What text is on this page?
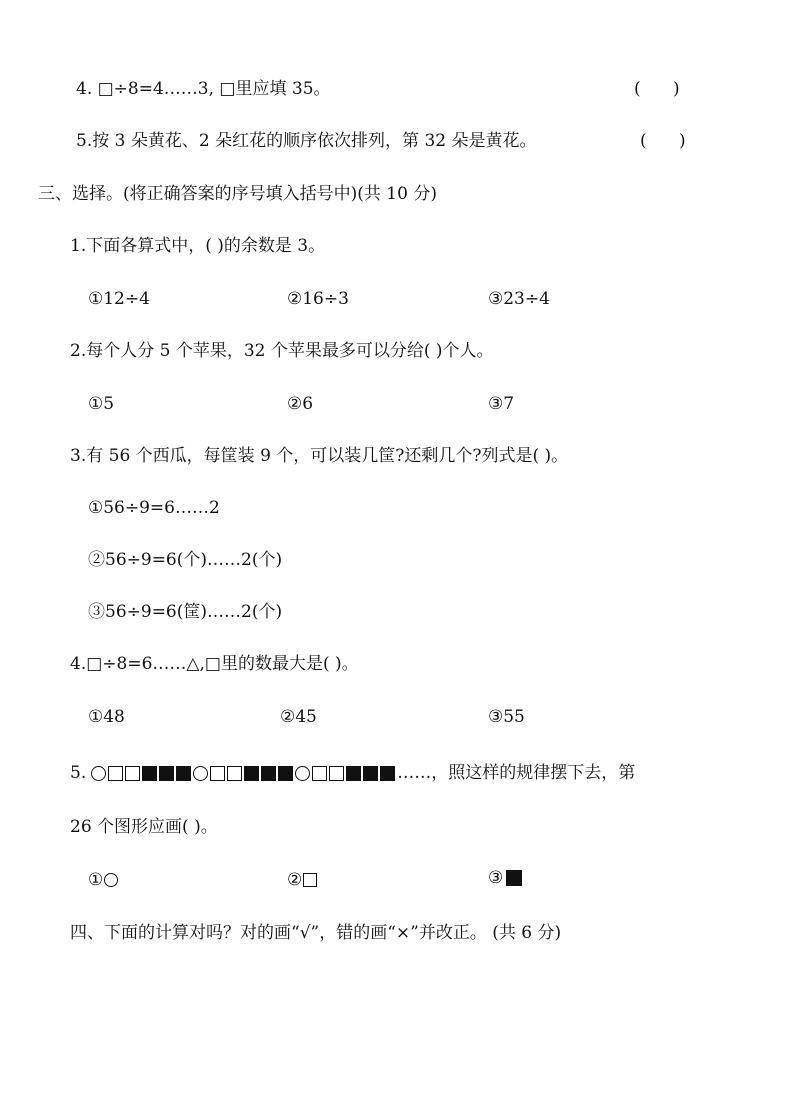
4. □÷8=4……3, □里应填 35。	(      )
5.按 3 朵黄花、2 朵红花的顺序依次排列，第 32 朵是黄花。	(      )
三、选择。(将正确答案的序号填入括号中)(共 10 分)
1.下面各算式中，( )的余数是 3。
①12÷4	②16÷3	③23÷4
2.每个人分 5 个苹果，32 个苹果最多可以分给( )个人。
①5	②6	③7
3.有 56 个西瓜，每筐装 9 个，可以装几筐?还剩几个?列式是( )。
①56÷9=6……2
②56÷9=6(个)……2(个)
③56÷9=6(筐)……2(个)
4.□÷8=6……△,□里的数最大是( )。
①48	②45	③55
5.	……，照这样的规律摆下去，第
26 个图形应画( )。
①	②	③
四、下面的计算对吗？对的画“√”，错的画“×”并改正。 (共 6 分)
